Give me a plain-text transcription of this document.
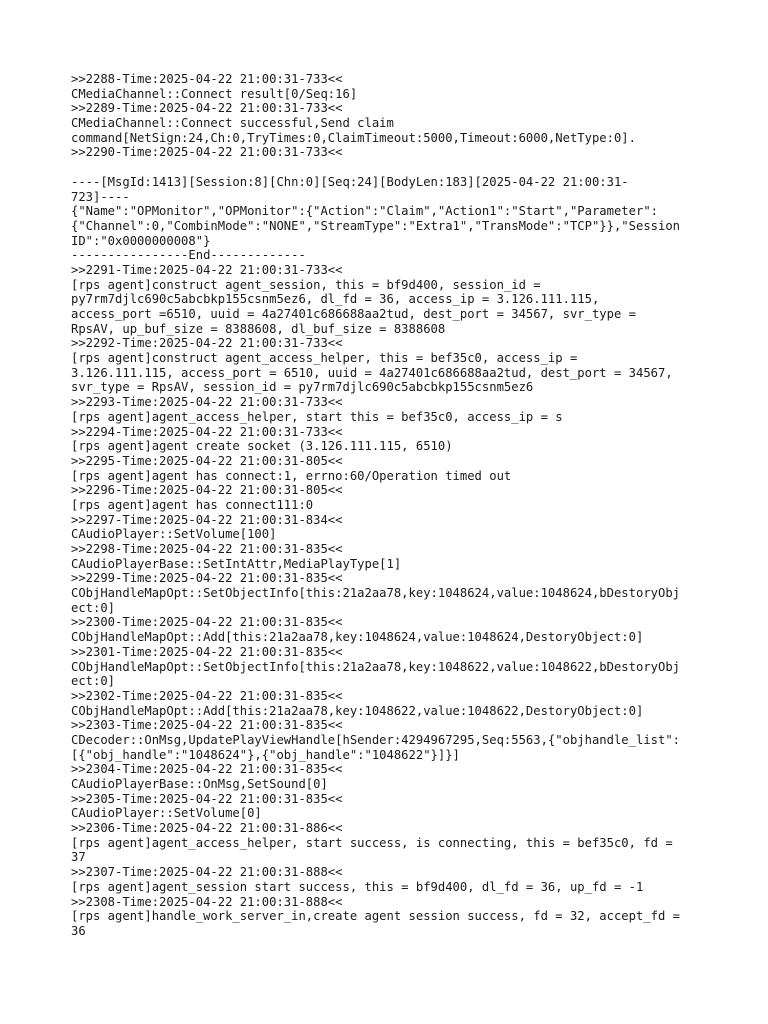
>>2288-Time:2025-04-22 21:00:31-733<<
CMediaChannel::Connect result[0/Seq:16]
>>2289-Time:2025-04-22 21:00:31-733<<
CMediaChannel::Connect successful,Send claim
command[NetSign:24,Ch:0,TryTimes:0,ClaimTimeout:5000,Timeout:6000,NetType:0].
>>2290-Time:2025-04-22 21:00:31-733<<
----[MsgId:1413][Session:8][Chn:0][Seq:24][BodyLen:183][2025-04-22 21:00:31-
723]----
{"Name":"OPMonitor","OPMonitor":{"Action":"Claim","Action1":"Start","Parameter":
{"Channel":0,"CombinMode":"NONE","StreamType":"Extra1","TransMode":"TCP"}},"Session
ID":"0x0000000008"}
----------------End-------------
>>2291-Time:2025-04-22 21:00:31-733<<
[rps agent]construct agent_session, this = bf9d400, session_id =
py7rm7djlc690c5abcbkp155csnm5ez6, dl_fd = 36, access_ip = 3.126.111.115,
access_port =6510, uuid = 4a27401c686688aa2tud, dest_port = 34567, svr_type =
RpsAV, up_buf_size = 8388608, dl_buf_size = 8388608
>>2292-Time:2025-04-22 21:00:31-733<<
[rps agent]construct agent_access_helper, this = bef35c0, access_ip =
3.126.111.115, access_port = 6510, uuid = 4a27401c686688aa2tud, dest_port = 34567,
svr_type = RpsAV, session_id = py7rm7djlc690c5abcbkp155csnm5ez6
>>2293-Time:2025-04-22 21:00:31-733<<
[rps agent]agent_access_helper, start this = bef35c0, access_ip = s
>>2294-Time:2025-04-22 21:00:31-733<<
[rps agent]agent create socket (3.126.111.115, 6510)
>>2295-Time:2025-04-22 21:00:31-805<<
[rps agent]agent has connect:1, errno:60/Operation timed out
>>2296-Time:2025-04-22 21:00:31-805<<
[rps agent]agent has connect111:0
>>2297-Time:2025-04-22 21:00:31-834<<
CAudioPlayer::SetVolume[100]
>>2298-Time:2025-04-22 21:00:31-835<<
CAudioPlayerBase::SetIntAttr,MediaPlayType[1]
>>2299-Time:2025-04-22 21:00:31-835<<
CObjHandleMapOpt::SetObjectInfo[this:21a2aa78,key:1048624,value:1048624,bDestoryObj
ect:0]
>>2300-Time:2025-04-22 21:00:31-835<<
CObjHandleMapOpt::Add[this:21a2aa78,key:1048624,value:1048624,DestoryObject:0]
>>2301-Time:2025-04-22 21:00:31-835<<
CObjHandleMapOpt::SetObjectInfo[this:21a2aa78,key:1048622,value:1048622,bDestoryObj
ect:0]
>>2302-Time:2025-04-22 21:00:31-835<<
CObjHandleMapOpt::Add[this:21a2aa78,key:1048622,value:1048622,DestoryObject:0]
>>2303-Time:2025-04-22 21:00:31-835<<
CDecoder::OnMsg,UpdatePlayViewHandle[hSender:4294967295,Seq:5563,{"objhandle_list":
[{"obj_handle":"1048624"},{"obj_handle":"1048622"}]}]
>>2304-Time:2025-04-22 21:00:31-835<<
CAudioPlayerBase::OnMsg,SetSound[0]
>>2305-Time:2025-04-22 21:00:31-835<<
CAudioPlayer::SetVolume[0]
>>2306-Time:2025-04-22 21:00:31-886<<
[rps agent]agent_access_helper, start success, is connecting, this = bef35c0, fd =
37
>>2307-Time:2025-04-22 21:00:31-888<<
[rps agent]agent_session start success, this = bf9d400, dl_fd = 36, up_fd = -1
>>2308-Time:2025-04-22 21:00:31-888<<
[rps agent]handle_work_server_in,create agent session success, fd = 32, accept_fd =
36
